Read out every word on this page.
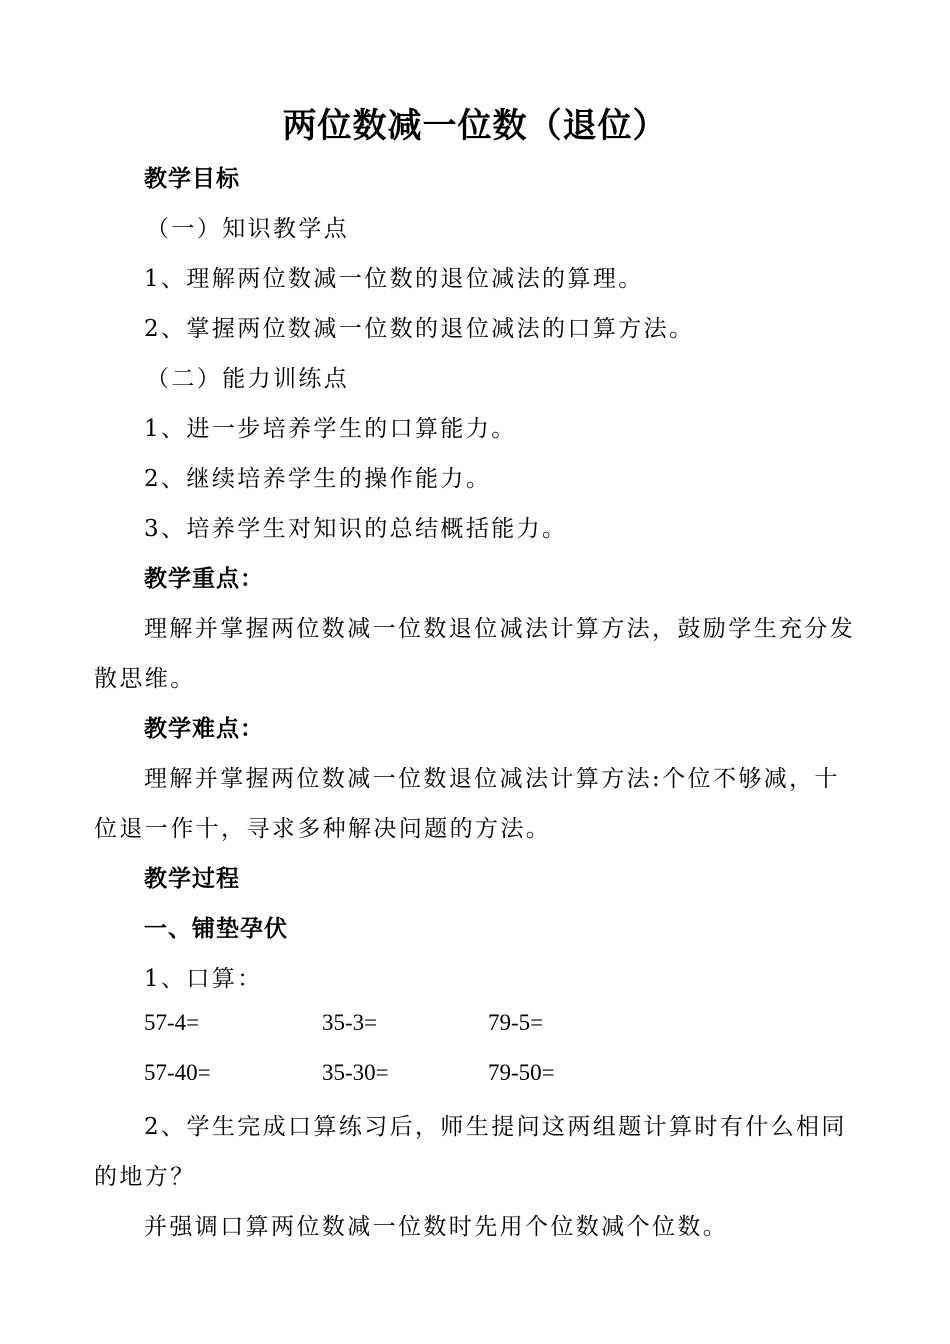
两位数减一位数（退位）
教学目标
（一）知识教学点
1、理解两位数减一位数的退位减法的算理。
2、掌握两位数减一位数的退位减法的口算方法。
（二）能力训练点
1、进一步培养学生的口算能力。
2、继续培养学生的操作能力。
3、培养学生对知识的总结概括能力。
教学重点：
理解并掌握两位数减一位数退位减法计算方法，鼓励学生充分发
散思维。
教学难点：
理解并掌握两位数减一位数退位减法计算方法:个位不够减，十
位退一作十，寻求多种解决问题的方法。
教学过程
一、铺垫孕伏
1、口算：
57-4=	35-3=	79-5=
57-40=	35-30=	79-50=
2、学生完成口算练习后，师生提问这两组题计算时有什么相同
的地方？
并强调口算两位数减一位数时先用个位数减个位数。
